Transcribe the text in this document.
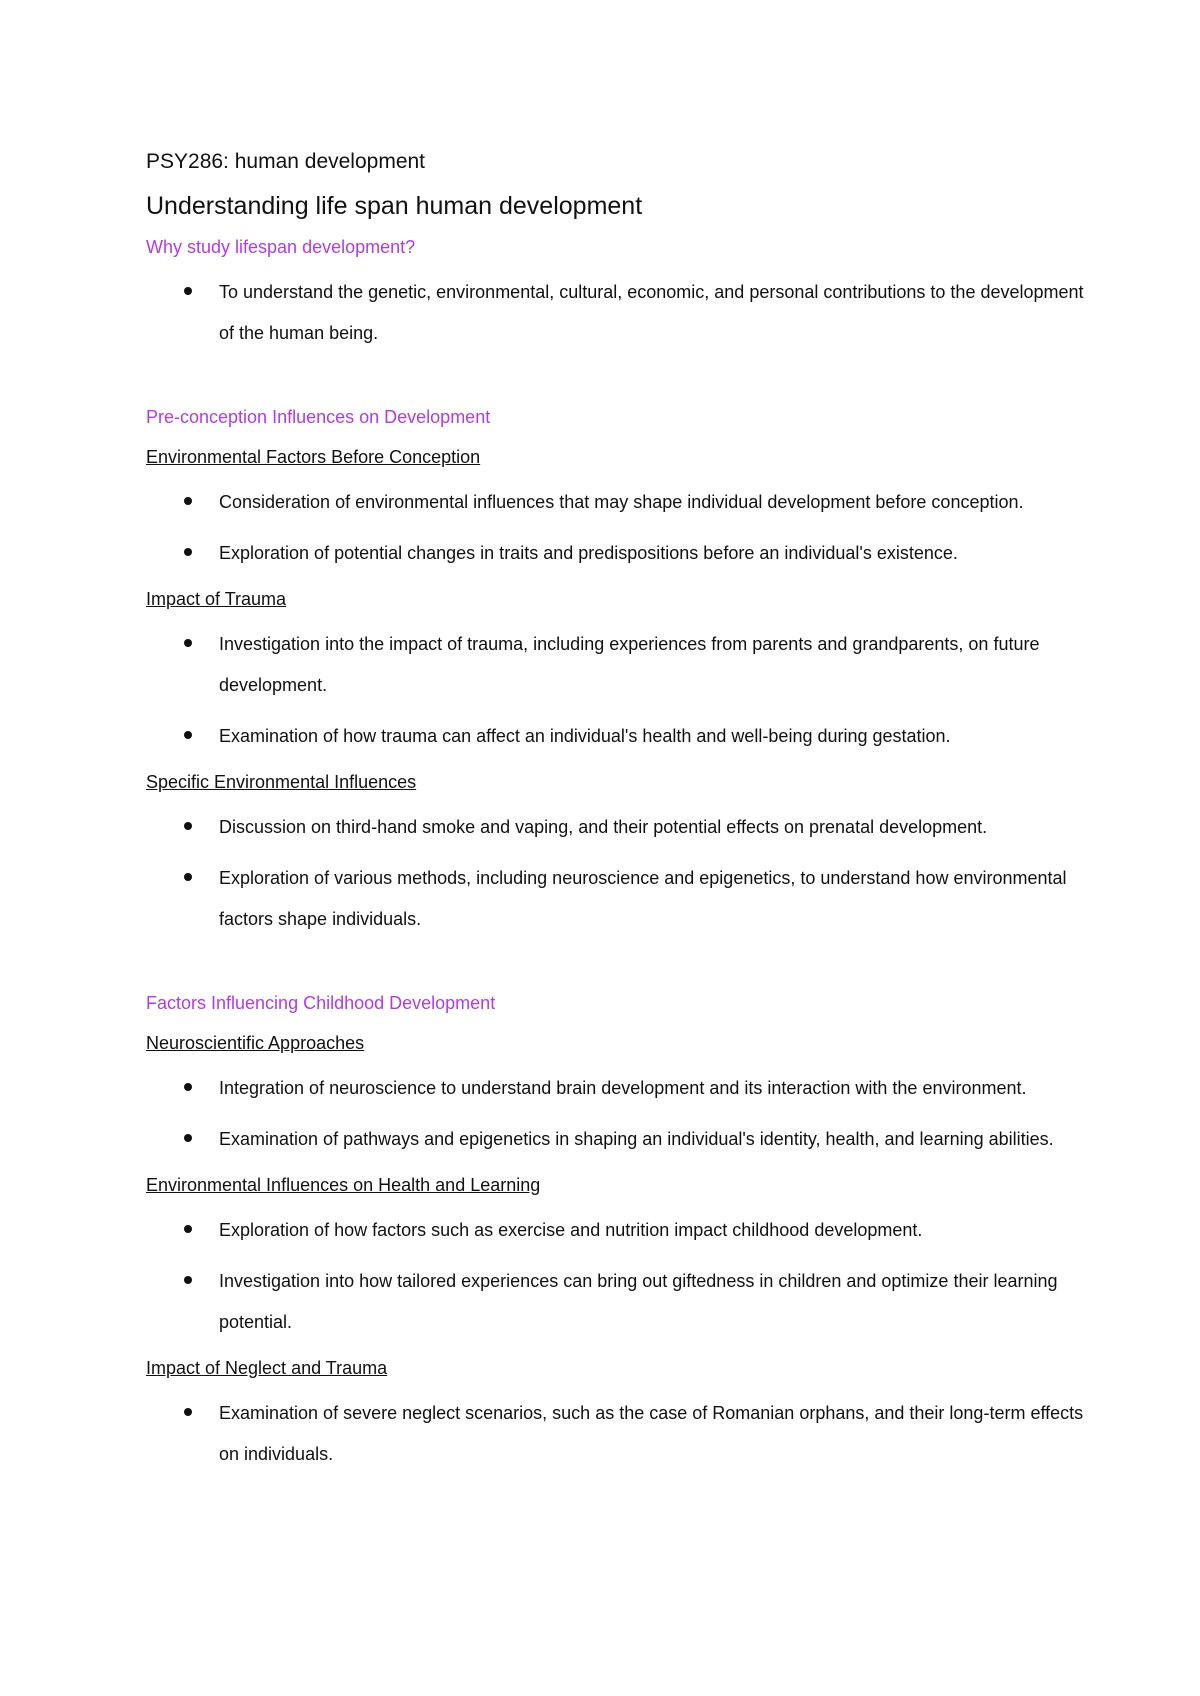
PSY286: human development
Understanding life span human development
Why study lifespan development?
To understand the genetic, environmental, cultural, economic, and personal contributions to the development of the human being.
Pre-conception Influences on Development
Environmental Factors Before Conception
Consideration of environmental influences that may shape individual development before conception.
Exploration of potential changes in traits and predispositions before an individual's existence.
Impact of Trauma
Investigation into the impact of trauma, including experiences from parents and grandparents, on future development.
Examination of how trauma can affect an individual's health and well-being during gestation.
Specific Environmental Influences
Discussion on third-hand smoke and vaping, and their potential effects on prenatal development.
Exploration of various methods, including neuroscience and epigenetics, to understand how environmental factors shape individuals.
Factors Influencing Childhood Development
Neuroscientific Approaches
Integration of neuroscience to understand brain development and its interaction with the environment.
Examination of pathways and epigenetics in shaping an individual's identity, health, and learning abilities.
Environmental Influences on Health and Learning
Exploration of how factors such as exercise and nutrition impact childhood development.
Investigation into how tailored experiences can bring out giftedness in children and optimize their learning potential.
Impact of Neglect and Trauma
Examination of severe neglect scenarios, such as the case of Romanian orphans, and their long-term effects on individuals.
